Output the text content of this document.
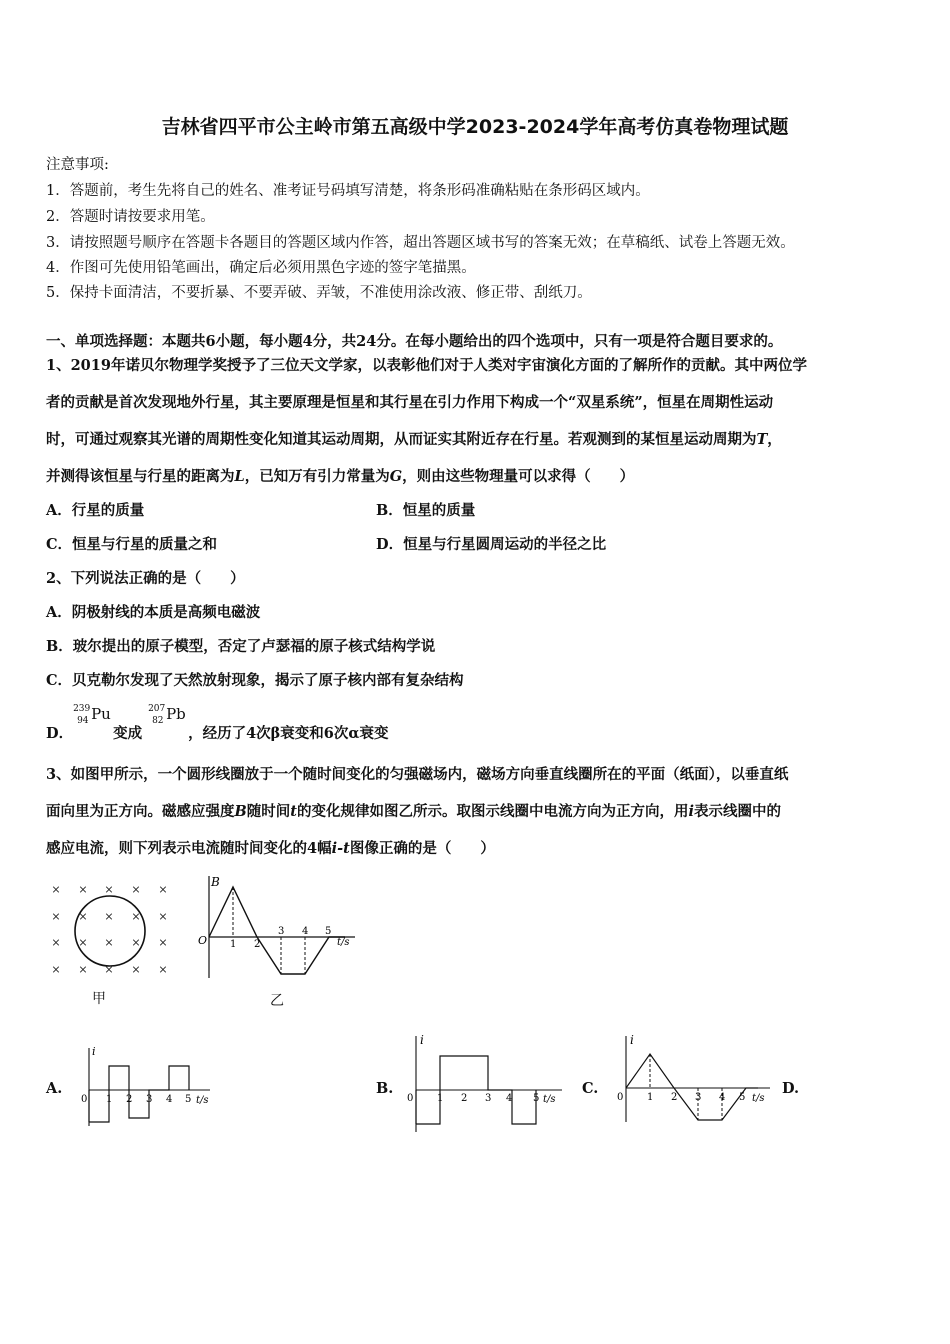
吉林省四平市公主岭市第五高级中学2023-2024学年高考仿真卷物理试题
注意事项:
1．答题前，考生先将自己的姓名、准考证号码填写清楚，将条形码准确粘贴在条形码区域内。
2．答题时请按要求用笔。
3．请按照题号顺序在答题卡各题目的答题区域内作答，超出答题区域书写的答案无效；在草稿纸、试卷上答题无效。
4．作图可先使用铅笔画出，确定后必须用黑色字迹的签字笔描黑。
5．保持卡面清洁，不要折暴、不要弄破、弄皱，不准使用涂改液、修正带、刮纸刀。
一、单项选择题：本题共6小题，每小题4分，共24分。在每小题给出的四个选项中，只有一项是符合题目要求的。
1、2019年诺贝尔物理学奖授予了三位天文学家，以表彰他们对于人类对宇宙演化方面的了解所作的贡献。其中两位学
者的贡献是首次发现地外行星，其主要原理是恒星和其行星在引力作用下构成一个“双星系统”，恒星在周期性运动
时，可通过观察其光谱的周期性变化知道其运动周期，从而证实其附近存在行星。若观测到的某恒星运动周期为T，
并测得该恒星与行星的距离为L，已知万有引力常量为G，则由这些物理量可以求得（　　）
A．行星的质量	B．恒星的质量
C．恒星与行星的质量之和	D．恒星与行星圆周运动的半径之比
2、下列说法正确的是（　　）
A．阴极射线的本质是高频电磁波
B．玻尔提出的原子模型，否定了卢瑟福的原子核式结构学说
C．贝克勒尔发现了天然放射现象，揭示了原子核内部有复杂结构
D．
239
94 Pu
变成
207
82 Pb
，经历了4次β衰变和6次α衰变
3、如图甲所示，一个圆形线圈放于一个随时间变化的匀强磁场内，磁场方向垂直线圈所在的平面（纸面），以垂直纸
面向里为正方向。磁感应强度B随时间t的变化规律如图乙所示。取图示线圈中电流方向为正方向，用i表示线圈中的
感应电流，则下列表示电流随时间变化的4幅i-t图像正确的是（　　）
× × × × ×
× × × × ×
× × × × ×
× × × × ×
甲
B
O 1 2
3 4 5
t/s
乙
A.
i
0 1 2 3 4 5 t/s
B.
i
0 1 2 3 4 5 t/s
C.
i
0 1 2 3 4 5 t/s
D.
